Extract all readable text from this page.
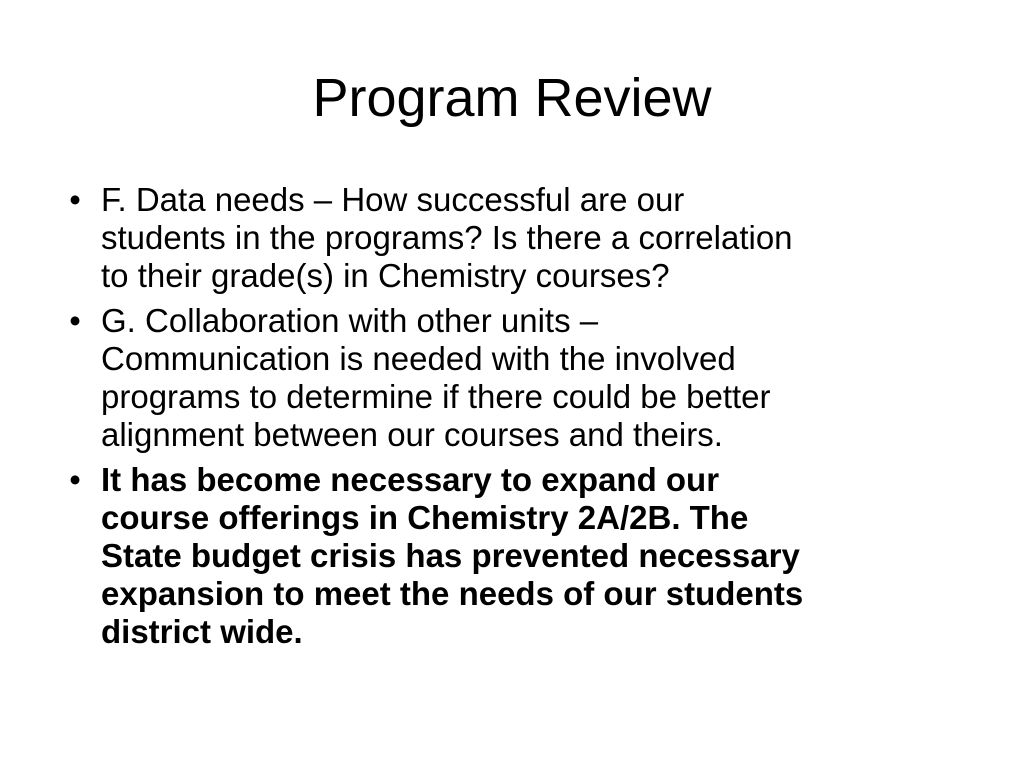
Program Review
• F. Data needs – How successful are our
students in the programs? Is there a correlation
to their grade(s) in Chemistry courses?
• G. Collaboration with other units –
Communication is needed with the involved
programs to determine if there could be better
alignment between our courses and theirs.
• It has become necessary to expand our
course offerings in Chemistry 2A/2B. The
State budget crisis has prevented necessary
expansion to meet the needs of our students
district wide.
